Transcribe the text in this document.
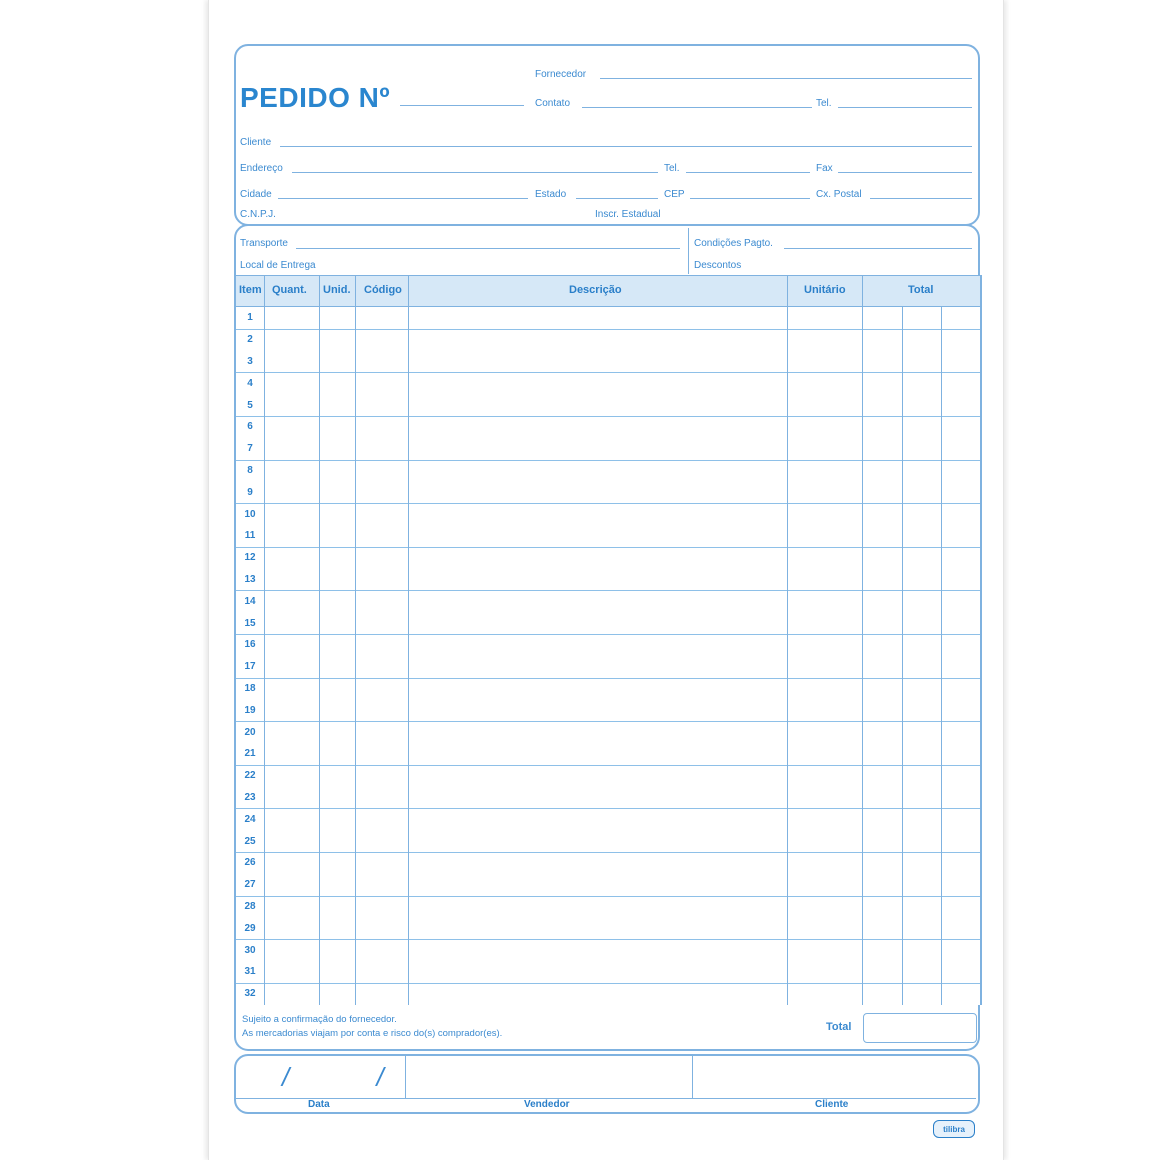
PEDIDO Nº
Fornecedor
Contato	Tel.
Cliente
Endereço	Tel.	Fax
Cidade	Estado	CEP	Cx. Postal
C.N.P.J.	Inscr. Estadual
Transporte
Local de Entrega
Condições Pagto.
Descontos
Item Quant. Unid. Código	Descrição	Unitário	Total
1
2
3
4
5
6
7
8
9
10
11
12
13
14
15
16
17
18
19
20
21
22
23
24
25
26
27
28
29
30
31
32
Sujeito a confirmação do fornecedor.
As mercadorias viajam por conta e risco do(s) comprador(es).
Total
/ /
Data	Vendedor	Cliente
tilibra
